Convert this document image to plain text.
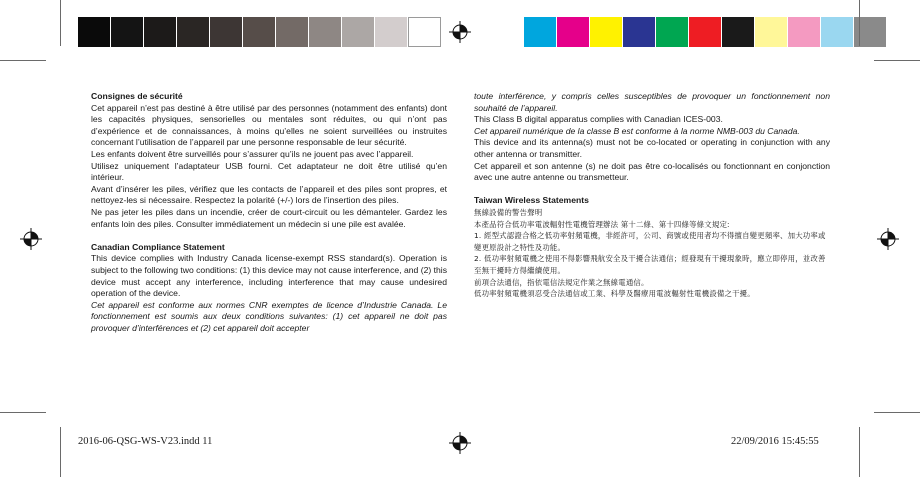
Consignes de sécurité

Cet appareil n’est pas destiné à être utilisé par des personnes (notamment des enfants) dont les capacités physiques, sensorielles ou mentales sont réduites, ou qui n’ont pas d’expérience et de connaissances, à moins qu’elles ne soient surveillées ou instruites concernant l’utilisation de l’appareil par une personne responsable de leur sécurité.

Les enfants doivent être surveillés pour s’assurer qu’ils ne jouent pas avec l’appareil.

Utilisez uniquement l’adaptateur USB fourni. Cet adaptateur ne doit être utilisé qu’en intérieur.

Avant d’insérer les piles, vérifiez que les contacts de l’appareil et des piles sont propres, et nettoyez-les si nécessaire. Respectez la polarité (+/-) lors de l’insertion des piles.

Ne pas jeter les piles dans un incendie, créer de court-circuit ou les démanteler. Gardez les enfants loin des piles. Consulter immédiatement un médecin si une pile est avalée.

Canadian Compliance Statement

This device complies with Industry Canada license-exempt RSS standard(s). Operation is subject to the following two conditions: (1) this device may not cause interference, and (2) this device must accept any interference, including interference that may cause undesired operation of the device.

Cet appareil est conforme aux normes CNR exemptes de licence d’Industrie Canada. Le fonctionnement est soumis aux deux conditions suivantes: (1) cet appareil ne doit pas provoquer d’interférences et (2) cet appareil doit accepter

toute interférence, y compris celles susceptibles de provoquer un fonctionnement non souhaité de l’appareil.

This Class B digital apparatus complies with Canadian ICES-003.

Cet appareil numérique de la classe B est conforme à la norme NMB-003 du Canada.

This device and its antenna(s) must not be co-located or operating in conjunction with any other antenna or transmitter.

Cet appareil et son antenne (s) ne doit pas être co-localisés ou fonctionnant en conjonction avec une autre antenne ou transmetteur.

Taiwan Wireless Statements

無線設備的警告聲明

本產品符合低功率電波輻射性電機管理辦法 第十二條、第十四條等條文規定:

1. 經型式認證合格之低功率射頻電機，非經許可，公司、商號或使用者均不得擅自變更頻率、加大功率或變更原設計之特性及功能。

2. 低功率射頻電機之使用不得影響飛航安全及干擾合法通信；經發現有干擾現象時，應立即停用，並改善至無干擾時方得繼續使用。

前項合法通信，指依電信法規定作業之無線電通信。

低功率射頻電機須忍受合法通信或工業、科學及醫療用電波輻射性電機設備之干擾。

2016-06-QSG-WS-V23.indd 11	22/09/2016 15:45:55
